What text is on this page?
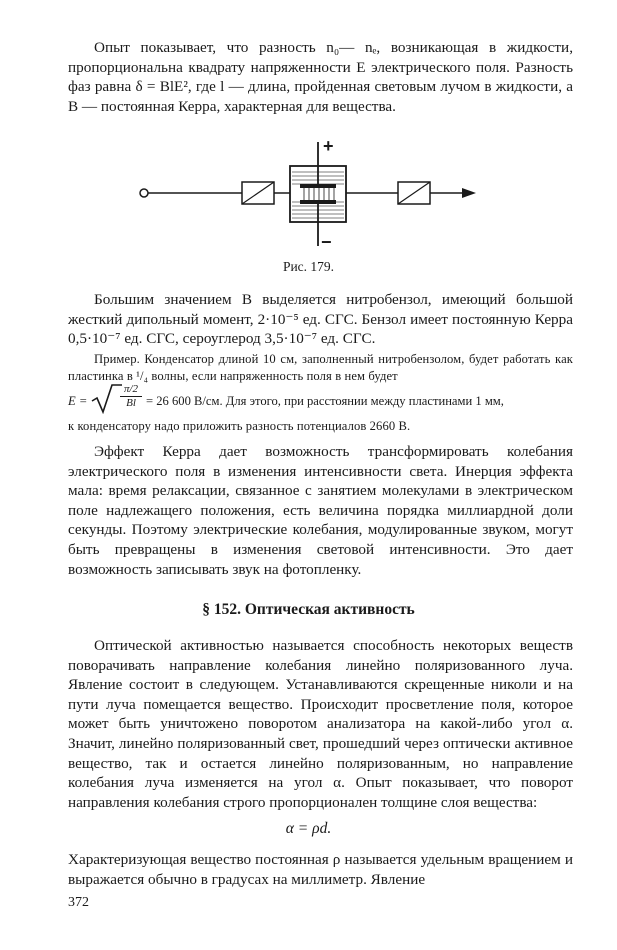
Опыт показывает, что разность n₀— nₑ, возникающая в жидкости, пропорциональна квадрату напряженности E электрического поля. Разность фаз равна δ = BlE², где l — длина, пройденная световым лучом в жидкости, а B — постоянная Керра, характерная для вещества.

+
−
Рис. 179.

Большим значением B выделяется нитробензол, имеющий большой жесткий дипольный момент, 2·10⁻⁵ ед. СГС. Бензол имеет постоянную Керра 0,5·10⁻⁷ ед. СГС, сероуглерод 3,5·10⁻⁷ ед. СГС.

Пример. Конденсатор длиной 10 см, заполненный нитробензолом, будет работать как пластинка в ¹/₄ волны, если напряженность поля в нем будет

E =	$\frac{\pi/2}{Bl} = 26$ 600 В/см. Для этого, при расстоянии между пластинами 1 мм,

к конденсатору надо приложить разность потенциалов 2660 В.

Эффект Керра дает возможность трансформировать колебания электрического поля в изменения интенсивности света. Инерция эффекта мала: время релаксации, связанное с занятием молекулами в электрическом поле надлежащего положения, есть величина порядка миллиардной доли секунды. Поэтому электрические колебания, модулированные звуком, могут быть превращены в изменения световой интенсивности. Это дает возможность записывать звук на фотопленку.

§ 152. Оптическая активность

Оптической активностью называется способность некоторых веществ поворачивать направление колебания линейно поляризованного луча. Явление состоит в следующем. Устанавливаются скрещенные николи и на пути луча помещается вещество. Происходит просветление поля, которое может быть уничтожено поворотом анализатора на какой-либо угол α. Значит, линейно поляризованный свет, прошедший через оптически активное вещество, так и остается линейно поляризованным, но направление колебания луча изменяется на угол α. Опыт показывает, что поворот направления колебания строго пропорционален толщине слоя вещества:

α = ρd.

Характеризующая вещество постоянная ρ называется удельным вращением и выражается обычно в градусах на миллиметр. Явление

372
